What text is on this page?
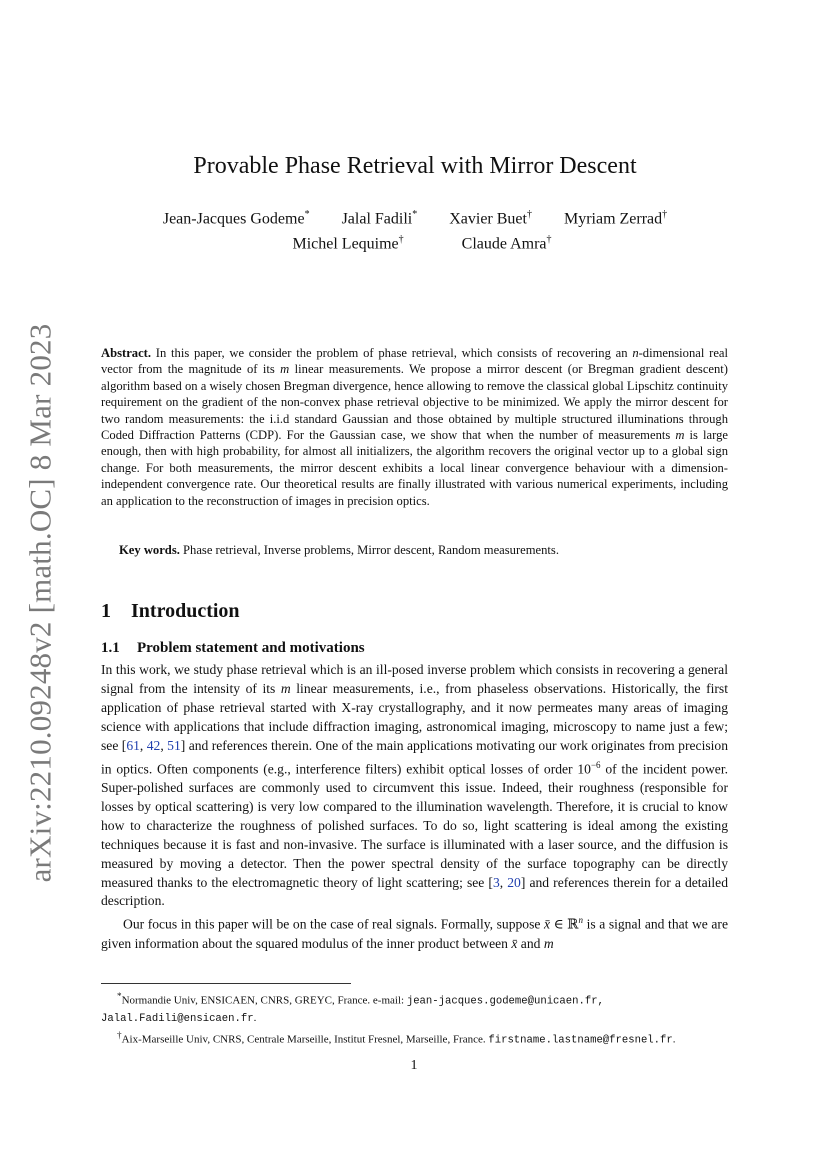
arXiv:2210.09248v2 [math.OC] 8 Mar 2023
Provable Phase Retrieval with Mirror Descent
Jean-Jacques Godeme* Jalal Fadili* Xavier Buet† Myriam Zerrad†
Michel Lequime†	Claude Amra†

Abstract. In this paper, we consider the problem of phase retrieval, which consists of recovering an n-dimensional real vector from the magnitude of its m linear measurements. We propose a mirror descent (or Bregman gradient descent) algorithm based on a wisely chosen Bregman divergence, hence allowing to remove the classical global Lipschitz continuity requirement on the gradient of the non-convex phase retrieval objective to be minimized. We apply the mirror descent for two random measurements: the i.i.d standard Gaussian and those obtained by multiple structured illuminations through Coded Diffraction Patterns (CDP). For the Gaussian case, we show that when the number of measurements m is large enough, then with high probability, for almost all initializers, the algorithm recovers the original vector up to a global sign change. For both measurements, the mirror descent exhibits a local linear convergence behaviour with a dimension-independent convergence rate. Our theoretical results are finally illustrated with various numerical experiments, including an application to the reconstruction of images in precision optics.

Key words. Phase retrieval, Inverse problems, Mirror descent, Random measurements.

1 Introduction
1.1 Problem statement and motivations

In this work, we study phase retrieval which is an ill-posed inverse problem which consists in recovering a general signal from the intensity of its m linear measurements, i.e., from phaseless observations. Historically, the first application of phase retrieval started with X-ray crystallography, and it now permeates many areas of imaging science with applications that include diffraction imaging, astronomical imaging, microscopy to name just a few; see [61, 42, 51] and references therein. One of the main applications motivating our work originates from precision in optics. Often components (e.g., interference filters) exhibit optical losses of order $10^{-6}$ of the incident power. Super-polished surfaces are commonly used to circumvent this issue. Indeed, their roughness (responsible for losses by optical scattering) is very low compared to the illumination wavelength. Therefore, it is crucial to know how to characterize the roughness of polished surfaces. To do so, light scattering is ideal among the existing techniques because it is fast and non-invasive. The surface is illuminated with a laser source, and the diffusion is measured by moving a detector. Then the power spectral density of the surface topography can be directly measured thanks to the electromagnetic theory of light scattering; see [3, 20] and references therein for a detailed description.

Our focus in this paper will be on the case of real signals. Formally, suppose x̄ ∈ ℝ$^n$ is a signal and that we are given information about the squared modulus of the inner product between x̄ and m

*Normandie Univ, ENSICAEN, CNRS, GREYC, France. e-mail: jean-jacques.godeme@unicaen.fr,
Jalal.Fadili@ensicaen.fr.

†Aix-Marseille Univ, CNRS, Centrale Marseille, Institut Fresnel, Marseille, France. firstname.lastname@fresnel.fr.

1
